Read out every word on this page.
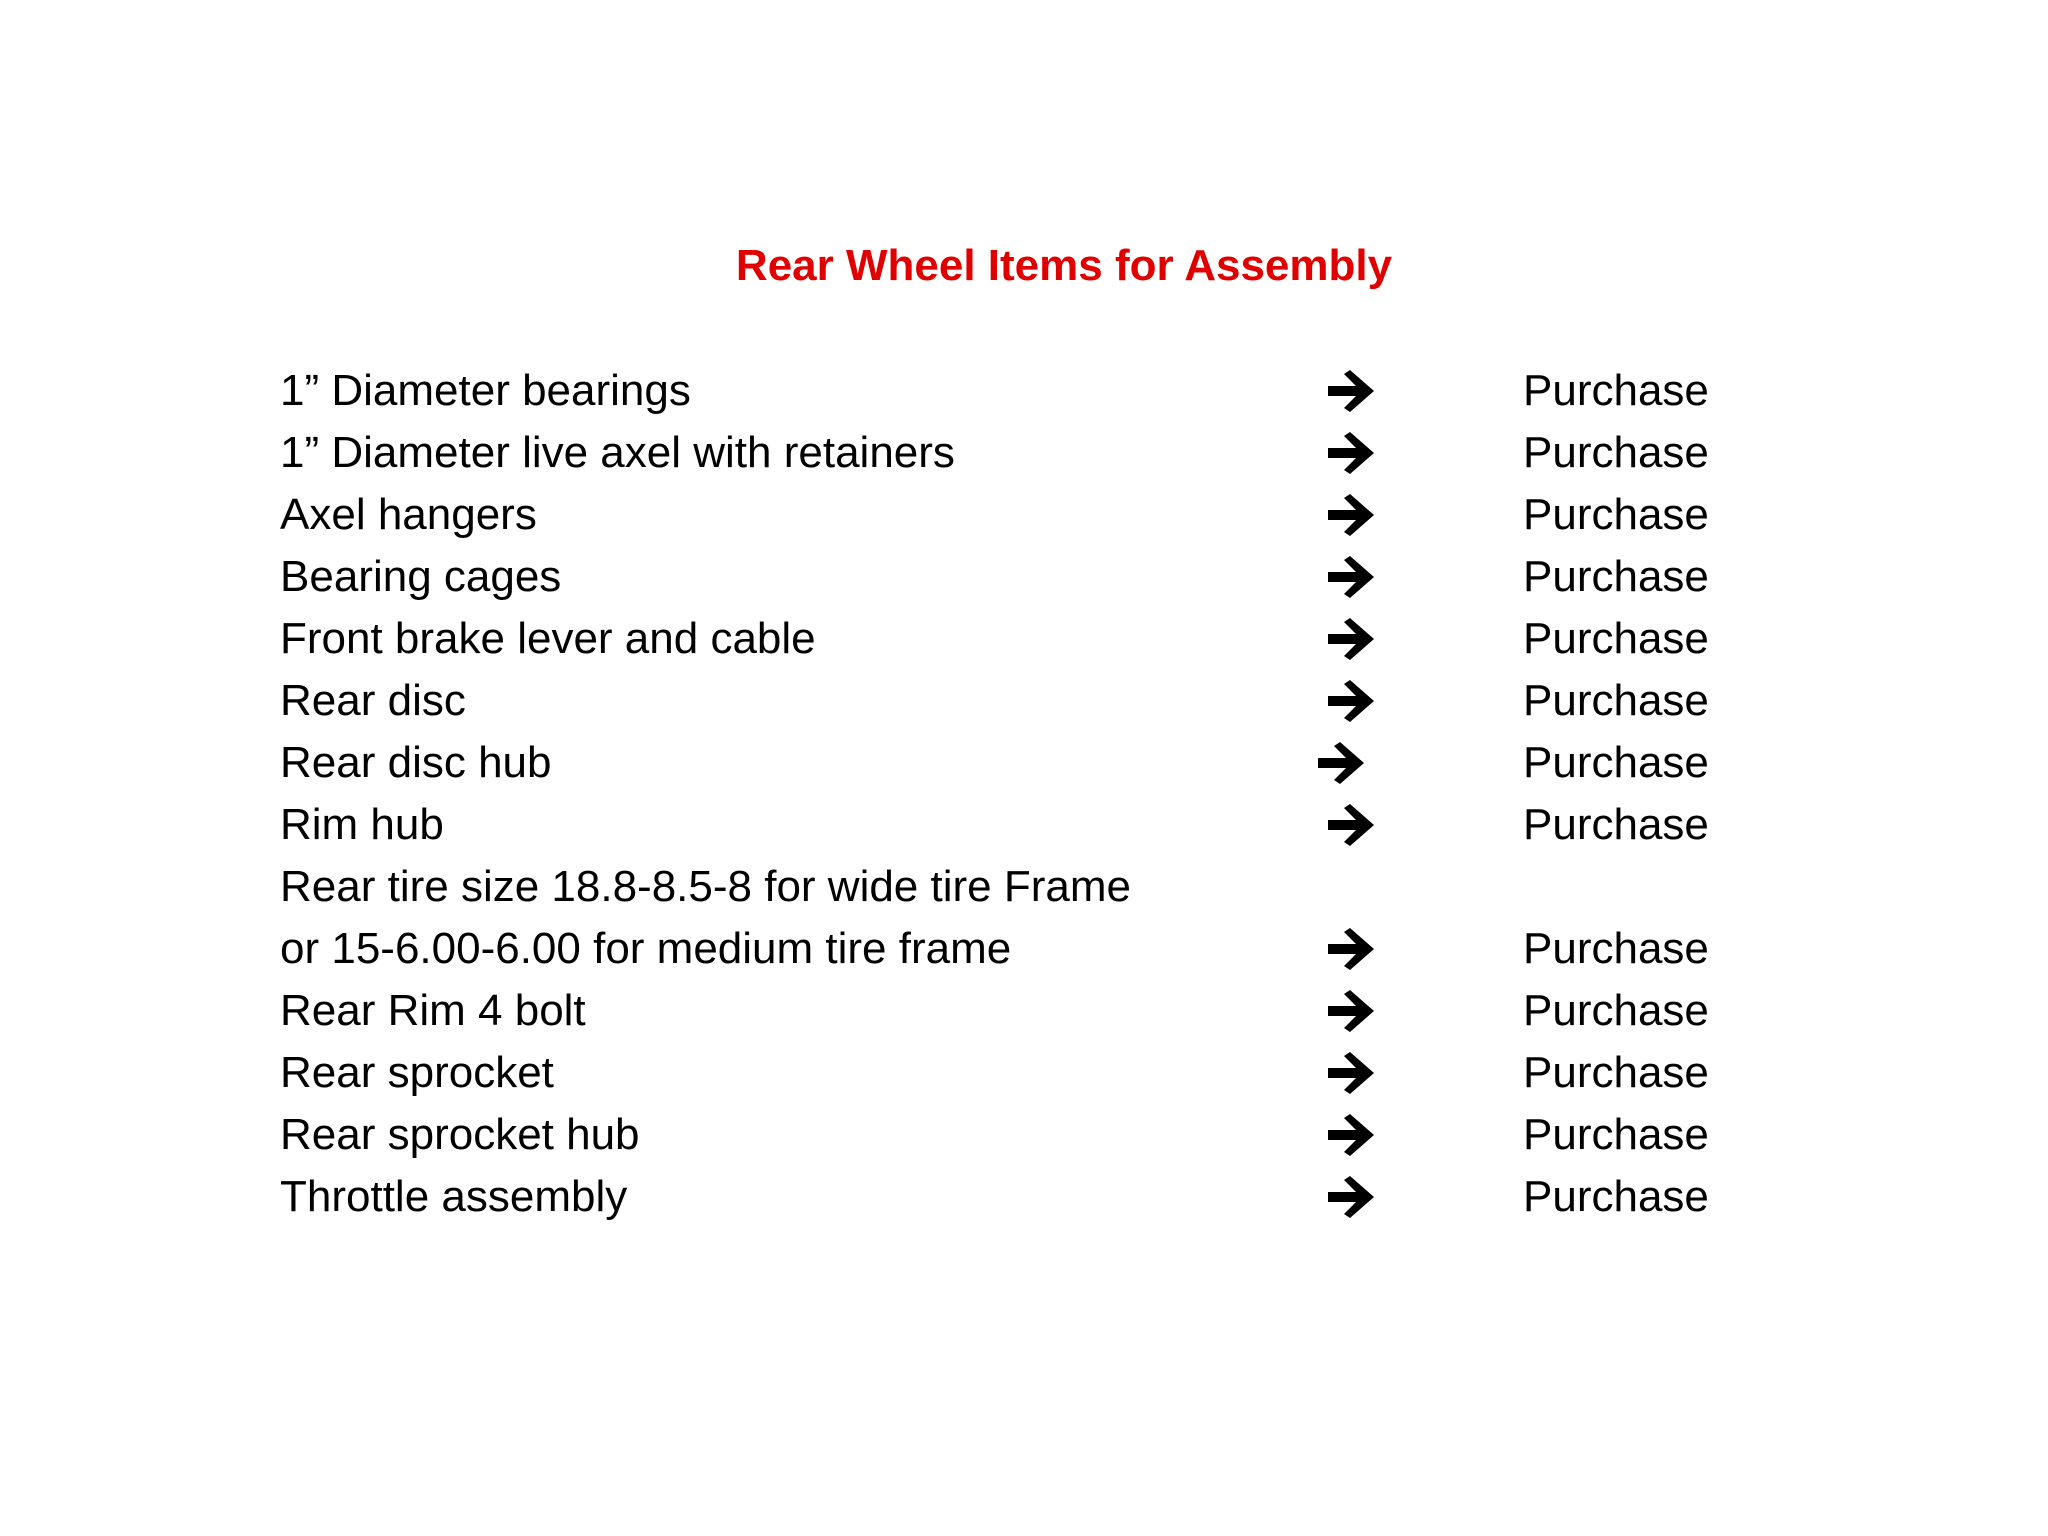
Rear Wheel Items for Assembly
1” Diameter bearings	Purchase
1” Diameter live axel with retainers	Purchase
Axel hangers	Purchase
Bearing cages	Purchase
Front brake lever and cable	Purchase
Rear disc	Purchase
Rear disc hub	Purchase
Rim hub	Purchase
Rear tire size 18.8-8.5-8 for wide tire Frame
or 15-6.00-6.00 for medium tire frame	Purchase
Rear Rim 4 bolt	Purchase
Rear sprocket	Purchase
Rear sprocket hub	Purchase
Throttle assembly	Purchase
